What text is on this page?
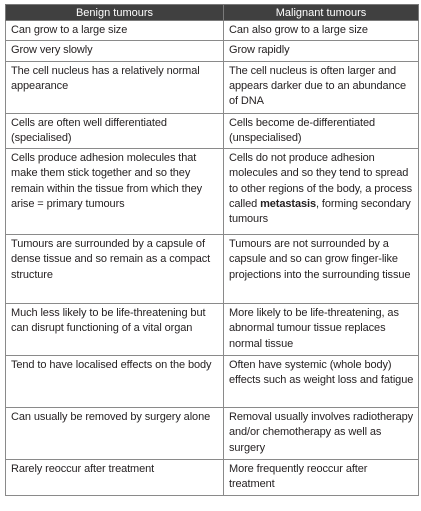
Benign tumours	Malignant tumours
Can grow to a large size	Can also grow to a large size
Grow very slowly	Grow rapidly
The cell nucleus has a relatively normal appearance	The cell nucleus is often larger and appears darker due to an abundance of DNA
Cells are often well differentiated (specialised)	Cells become de-differentiated (unspecialised)
Cells produce adhesion molecules that make them stick together and so they remain within the tissue from which they arise = primary tumours	Cells do not produce adhesion molecules and so they tend to spread to other regions of the body, a process called metastasis, forming secondary tumours
Tumours are surrounded by a capsule of dense tissue and so remain as a compact structure	Tumours are not surrounded by a capsule and so can grow finger-like projections into the surrounding tissue
Much less likely to be life-threatening but can disrupt functioning of a vital organ	More likely to be life-threatening, as abnormal tumour tissue replaces normal tissue
Tend to have localised effects on the body	Often have systemic (whole body) effects such as weight loss and fatigue
Can usually be removed by surgery alone	Removal usually involves radiotherapy and/or chemotherapy as well as surgery
Rarely reoccur after treatment	More frequently reoccur after treatment
